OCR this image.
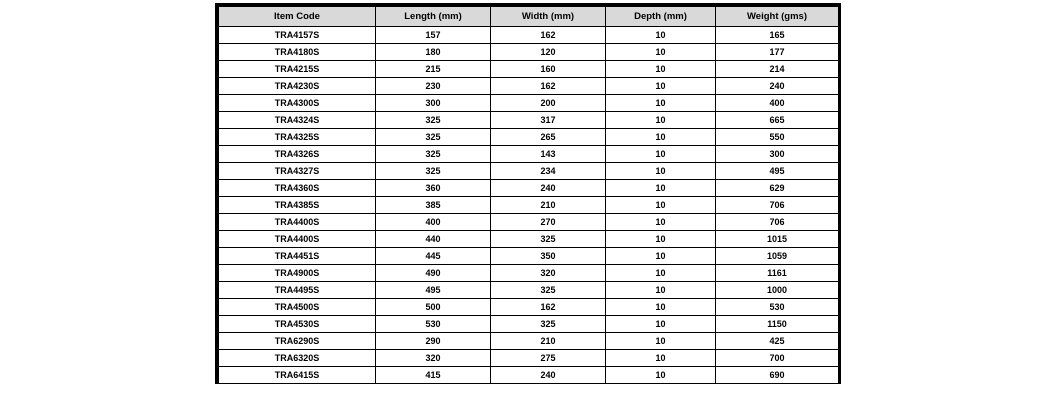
Item Code	Length (mm)	Width (mm)	Depth (mm)	Weight (gms)
TRA4157S	157	162	10	165
TRA4180S	180	120	10	177
TRA4215S	215	160	10	214
TRA4230S	230	162	10	240
TRA4300S	300	200	10	400
TRA4324S	325	317	10	665
TRA4325S	325	265	10	550
TRA4326S	325	143	10	300
TRA4327S	325	234	10	495
TRA4360S	360	240	10	629
TRA4385S	385	210	10	706
TRA4400S	400	270	10	706
TRA4400S	440	325	10	1015
TRA4451S	445	350	10	1059
TRA4900S	490	320	10	1161
TRA4495S	495	325	10	1000
TRA4500S	500	162	10	530
TRA4530S	530	325	10	1150
TRA6290S	290	210	10	425
TRA6320S	320	275	10	700
TRA6415S	415	240	10	690
